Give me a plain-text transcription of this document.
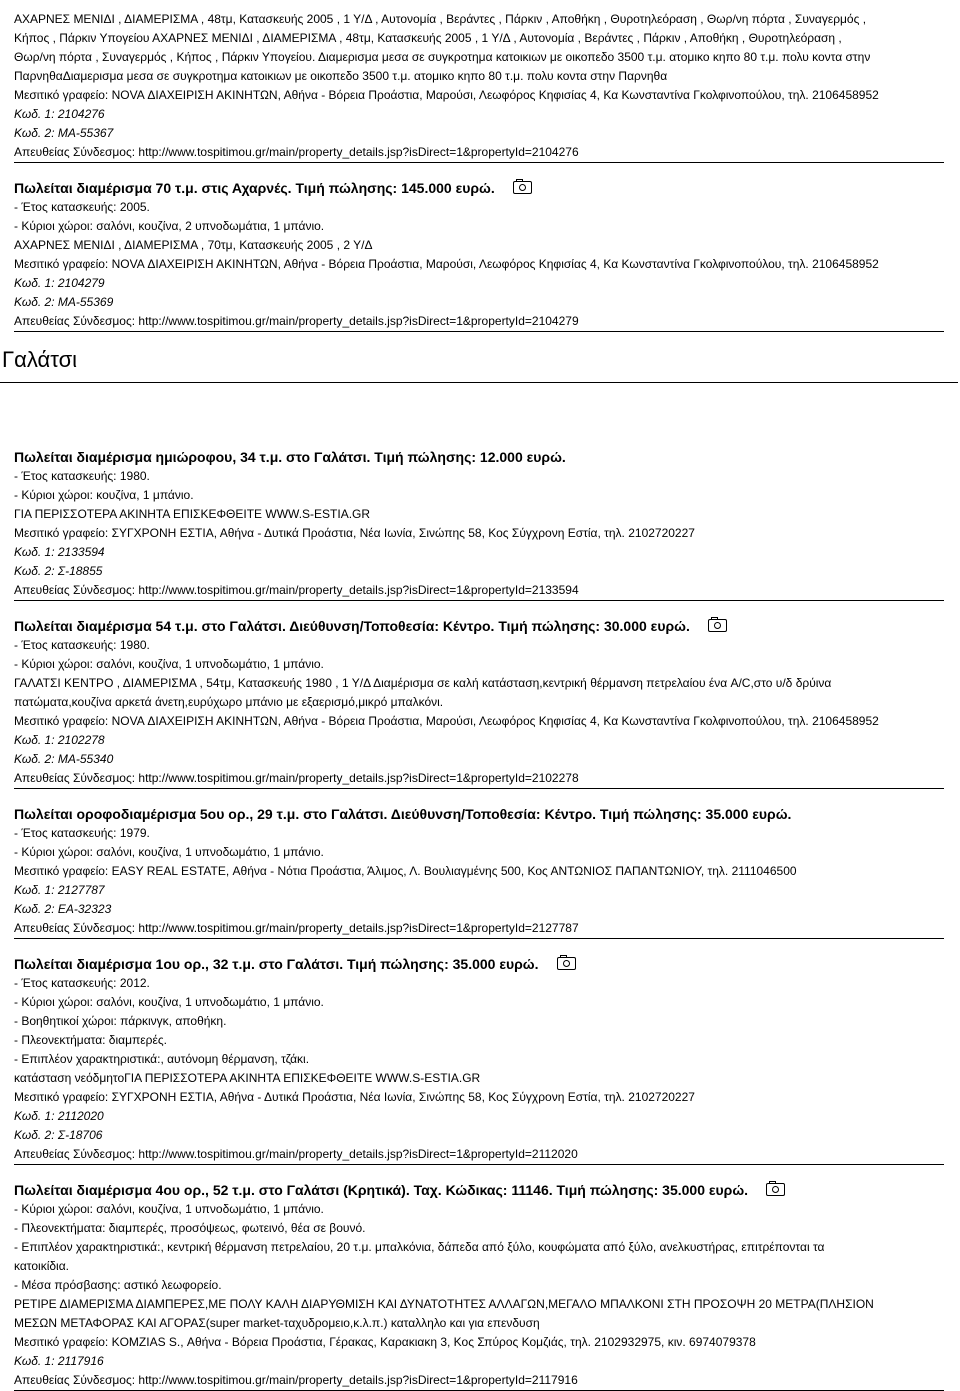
ΑΧΑΡΝΕΣ ΜΕΝΙΔΙ , ΔΙΑΜΕΡΙΣΜΑ , 48τμ, Κατασκευής 2005 , 1 Υ/Δ , Αυτονομία , Βεράντες , Πάρκιν , Αποθήκη , Θυροτηλεόραση , Θωρ/νη πόρτα , Συναγερμός ,
Κήπος , Πάρκιν Υπογείου ΑΧΑΡΝΕΣ ΜΕΝΙΔΙ , ΔΙΑΜΕΡΙΣΜΑ , 48τμ, Κατασκευής 2005 , 1 Υ/Δ , Αυτονομία , Βεράντες , Πάρκιν , Αποθήκη , Θυροτηλεόραση ,
Θωρ/νη πόρτα , Συναγερμός , Κήπος , Πάρκιν Υπογείου. Διαμερισμα μεσα σε συγκροτημα κατοικιων με οικοπεδο 3500 τ.μ. ατομικο κηπο 80 τ.μ. πολυ κοντα στην
ΠαρνηθαΔιαμερισμα μεσα σε συγκροτημα κατοικιων με οικοπεδο 3500 τ.μ. ατομικο κηπο 80 τ.μ. πολυ κοντα στην Παρνηθα
Μεσιτικό γραφείο: NOVA ΔΙΑΧΕΙΡΙΣΗ ΑΚΙΝΗΤΩΝ, Αθήνα - Βόρεια Προάστια, Μαρούσι, Λεωφόρος Κηφισίας 4, Κα Κωνσταντίνα Γκολφινοπούλου, τηλ. 2106458952
Κωδ. 1: 2104276
Κωδ. 2: ΜΑ-55367
Απευθείας Σύνδεσμος: http://www.tospitimou.gr/main/property_details.jsp?isDirect=1&propertyId=2104276
Πωλείται διαμέρισμα 70 τ.μ. στις Αχαρνές. Τιμή πώλησης: 145.000 ευρώ.
- Έτος κατασκευής: 2005.
- Κύριοι χώροι: σαλόνι, κουζίνα, 2 υπνοδωμάτια, 1 μπάνιο.
ΑΧΑΡΝΕΣ ΜΕΝΙΔΙ , ΔΙΑΜΕΡΙΣΜΑ , 70τμ, Κατασκευής 2005 , 2 Υ/Δ
Μεσιτικό γραφείο: NOVA ΔΙΑΧΕΙΡΙΣΗ ΑΚΙΝΗΤΩΝ, Αθήνα - Βόρεια Προάστια, Μαρούσι, Λεωφόρος Κηφισίας 4, Κα Κωνσταντίνα Γκολφινοπούλου, τηλ. 2106458952
Κωδ. 1: 2104279
Κωδ. 2: ΜΑ-55369
Απευθείας Σύνδεσμος: http://www.tospitimou.gr/main/property_details.jsp?isDirect=1&propertyId=2104279
Γαλάτσι
Πωλείται διαμέρισμα ημιώροφου, 34 τ.μ. στο Γαλάτσι. Τιμή πώλησης: 12.000 ευρώ.
- Έτος κατασκευής: 1980.
- Κύριοι χώροι: κουζίνα, 1 μπάνιο.
ΓΙΑ ΠΕΡΙΣΣΟΤΕΡΑ ΑΚΙΝΗΤΑ ΕΠΙΣΚΕΦΘΕΙΤΕ WWW.S-ESTIA.GR
Μεσιτικό γραφείο: ΣΥΓΧΡΟΝΗ ΕΣΤΙΑ, Αθήνα - Δυτικά Προάστια, Νέα Ιωνία, Σινώπης 58, Κος Σύγχρονη Εστία, τηλ. 2102720227
Κωδ. 1: 2133594
Κωδ. 2: Σ-18855
Απευθείας Σύνδεσμος: http://www.tospitimou.gr/main/property_details.jsp?isDirect=1&propertyId=2133594
Πωλείται διαμέρισμα 54 τ.μ. στο Γαλάτσι. Διεύθυνση/Τοποθεσία: Κέντρο. Τιμή πώλησης: 30.000 ευρώ.
- Έτος κατασκευής: 1980.
- Κύριοι χώροι: σαλόνι, κουζίνα, 1 υπνοδωμάτιο, 1 μπάνιο.
ΓΑΛΑΤΣΙ ΚΕΝΤΡΟ , ΔΙΑΜΕΡΙΣΜΑ , 54τμ, Κατασκευής 1980 , 1 Υ/Δ Διαμέρισμα σε καλή κατάσταση,κεντρική θέρμανση πετρελαίου ένα A/C,στο υ/δ δρύινα
πατώματα,κουζίνα αρκετά άνετη,ευρύχωρο μπάνιο με εξαερισμό,μικρό μπαλκόνι.
Μεσιτικό γραφείο: NOVA ΔΙΑΧΕΙΡΙΣΗ ΑΚΙΝΗΤΩΝ, Αθήνα - Βόρεια Προάστια, Μαρούσι, Λεωφόρος Κηφισίας 4, Κα Κωνσταντίνα Γκολφινοπούλου, τηλ. 2106458952
Κωδ. 1: 2102278
Κωδ. 2: ΜΑ-55340
Απευθείας Σύνδεσμος: http://www.tospitimou.gr/main/property_details.jsp?isDirect=1&propertyId=2102278
Πωλείται οροφοδιαμέρισμα 5ου ορ., 29 τ.μ. στο Γαλάτσι. Διεύθυνση/Τοποθεσία: Κέντρο. Τιμή πώλησης: 35.000 ευρώ.
- Έτος κατασκευής: 1979.
- Κύριοι χώροι: σαλόνι, κουζίνα, 1 υπνοδωμάτιο, 1 μπάνιο.
Μεσιτικό γραφείο: EASY REAL ESTATE, Αθήνα - Νότια Προάστια, Άλιμος, Λ. Βουλιαγμένης 500, Κος ΑΝΤΩΝΙΟΣ ΠΑΠΑΝΤΩΝΙΟΥ, τηλ. 2111046500
Κωδ. 1: 2127787
Κωδ. 2: ΕΑ-32323
Απευθείας Σύνδεσμος: http://www.tospitimou.gr/main/property_details.jsp?isDirect=1&propertyId=2127787
Πωλείται διαμέρισμα 1ου ορ., 32 τ.μ. στο Γαλάτσι. Τιμή πώλησης: 35.000 ευρώ.
- Έτος κατασκευής: 2012.
- Κύριοι χώροι: σαλόνι, κουζίνα, 1 υπνοδωμάτιο, 1 μπάνιο.
- Βοηθητικοί χώροι: πάρκινγκ, αποθήκη.
- Πλεονεκτήματα: διαμπερές.
- Επιπλέον χαρακτηριστικά:, αυτόνομη θέρμανση, τζάκι.
κατάσταση νεόδμητοΓΙΑ ΠΕΡΙΣΣΟΤΕΡΑ ΑΚΙΝΗΤΑ ΕΠΙΣΚΕΦΘΕΙΤΕ WWW.S-ESTIA.GR
Μεσιτικό γραφείο: ΣΥΓΧΡΟΝΗ ΕΣΤΙΑ, Αθήνα - Δυτικά Προάστια, Νέα Ιωνία, Σινώπης 58, Κος Σύγχρονη Εστία, τηλ. 2102720227
Κωδ. 1: 2112020
Κωδ. 2: Σ-18706
Απευθείας Σύνδεσμος: http://www.tospitimou.gr/main/property_details.jsp?isDirect=1&propertyId=2112020
Πωλείται διαμέρισμα 4ου ορ., 52 τ.μ. στο Γαλάτσι (Κρητικά). Ταχ. Κώδικας: 11146. Τιμή πώλησης: 35.000 ευρώ.
- Κύριοι χώροι: σαλόνι, κουζίνα, 1 υπνοδωμάτιο, 1 μπάνιο.
- Πλεονεκτήματα: διαμπερές, προσόψεως, φωτεινό, θέα σε βουνό.
- Επιπλέον χαρακτηριστικά:, κεντρική θέρμανση πετρελαίου, 20 τ.μ. μπαλκόνια, δάπεδα από ξύλο, κουφώματα από ξύλο, ανελκυστήρας, επιτρέπονται τα
κατοικίδια.
- Μέσα πρόσβασης: αστικό λεωφορείο.
ΡΕΤΙΡΕ ΔΙΑΜΕΡΙΣΜΑ ΔΙΑΜΠΕΡΕΣ,ΜΕ ΠΟΛΥ ΚΑΛΗ ΔΙΑΡΥΘΜΙΣΗ ΚΑΙ ΔΥΝΑΤΟΤΗΤΕΣ ΑΛΛΑΓΩΝ,ΜΕΓΑΛΟ ΜΠΑΛΚΟΝΙ ΣΤΗ ΠΡΟΣΟΨΗ 20 ΜΕΤΡΑ(ΠΛΗΣΙΟΝ
ΜΕΣΩΝ ΜΕΤΑΦΟΡΑΣ ΚΑΙ ΑΓΟΡΑΣ(super market-ταχυδρομειο,κ.λ.π.) καταλληλο και για επενδυση
Μεσιτικό γραφείο: KOMZIAS S., Αθήνα - Βόρεια Προάστια, Γέρακας, Καρακιακη 3, Κος Σπύρος Κομζιάς, τηλ. 2102932975, κιν. 6974079378
Κωδ. 1: 2117916
Απευθείας Σύνδεσμος: http://www.tospitimou.gr/main/property_details.jsp?isDirect=1&propertyId=2117916
